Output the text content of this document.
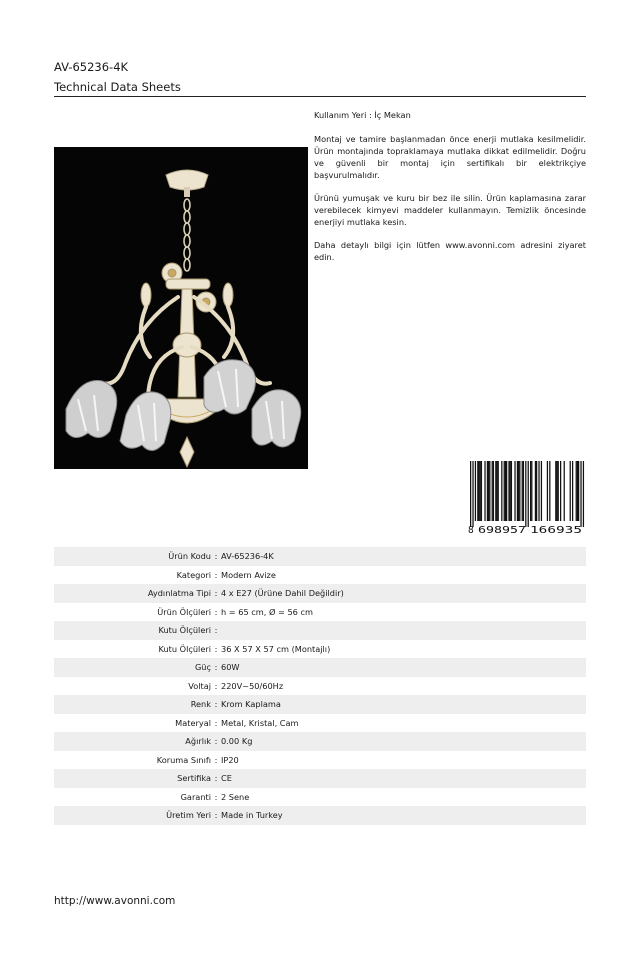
AV-65236-4K
Technical Data Sheets

Kullanım Yeri : İç Mekan

Montaj ve tamire başlanmadan önce enerji mutlaka kesilmelidir. Ürün montajında topraklamaya mutlaka dikkat edilmelidir. Doğru ve güvenli bir montaj için sertifikalı bir elektrikçiye başvurulmalıdır.

Ürünü yumuşak ve kuru bir bez ile silin. Ürün kaplamasına zarar verebilecek kimyevi maddeler kullanmayın. Temizlik öncesinde enerjiyi mutlaka kesin.

Daha detaylı bilgi için lütfen www.avonni.com adresini ziyaret edin.

8 698957 166935
Ürün Kodu : AV-65236-4K
Kategori : Modern Avize
Aydınlatma Tipi : 4 x E27 (Ürüne Dahil Değildir)
Ürün Ölçüleri : h = 65 cm, Ø = 56 cm
Kutu Ölçüleri :
Kutu Ölçüleri : 36 X 57 X 57 cm (Montajlı)
Güç : 60W
Voltaj : 220V~50/60Hz
Renk : Krom Kaplama
Materyal : Metal, Kristal, Cam
Ağırlık : 0.00 Kg
Koruma Sınıfı : IP20
Sertifika : CE
Garanti : 2 Sene
Üretim Yeri : Made in Turkey
http://www.avonni.com
